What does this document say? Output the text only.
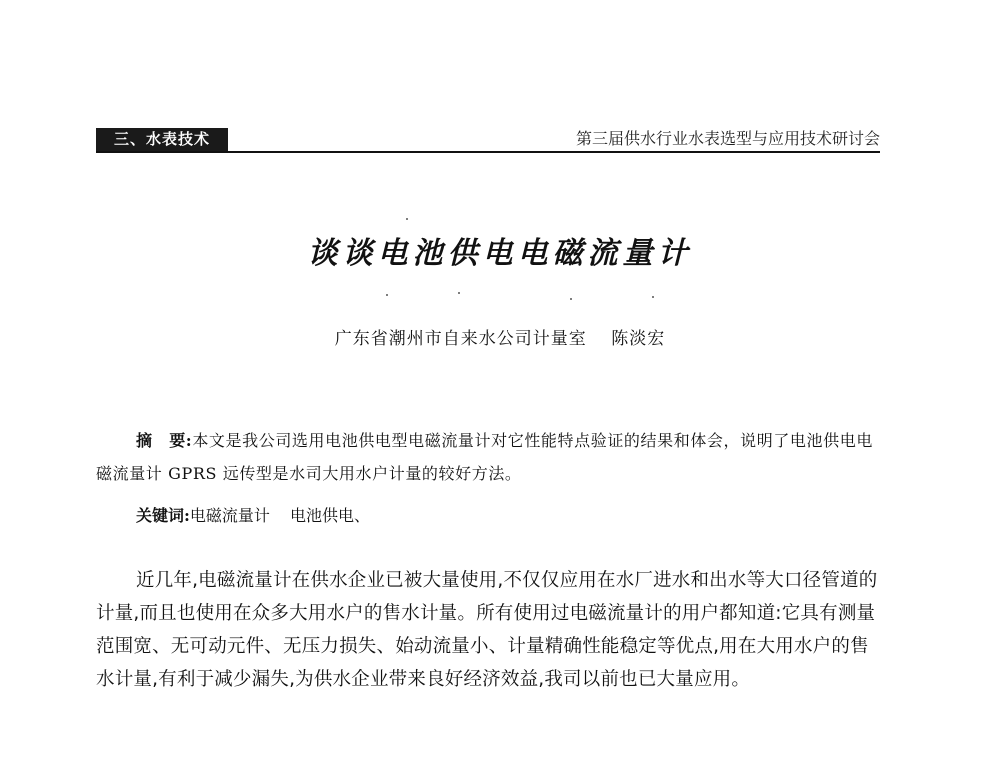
三、水表技术	第三届供水行业水表选型与应用技术研讨会
谈谈电池供电电磁流量计
广东省潮州市自来水公司计量室 陈淡宏
摘　要:本文是我公司选用电池供电型电磁流量计对它性能特点验证的结果和体会，说明了电池供电电磁流量计 GPRS 远传型是水司大用水户计量的较好方法。
关键词:电磁流量计 电池供电、
近几年,电磁流量计在供水企业已被大量使用,不仅仅应用在水厂进水和出水等大口径管道的计量,而且也使用在众多大用水户的售水计量。所有使用过电磁流量计的用户都知道:它具有测量范围宽、无可动元件、无压力损失、始动流量小、计量精确性能稳定等优点,用在大用水户的售水计量,有利于减少漏失,为供水企业带来良好经济效益,我司以前也已大量应用。
